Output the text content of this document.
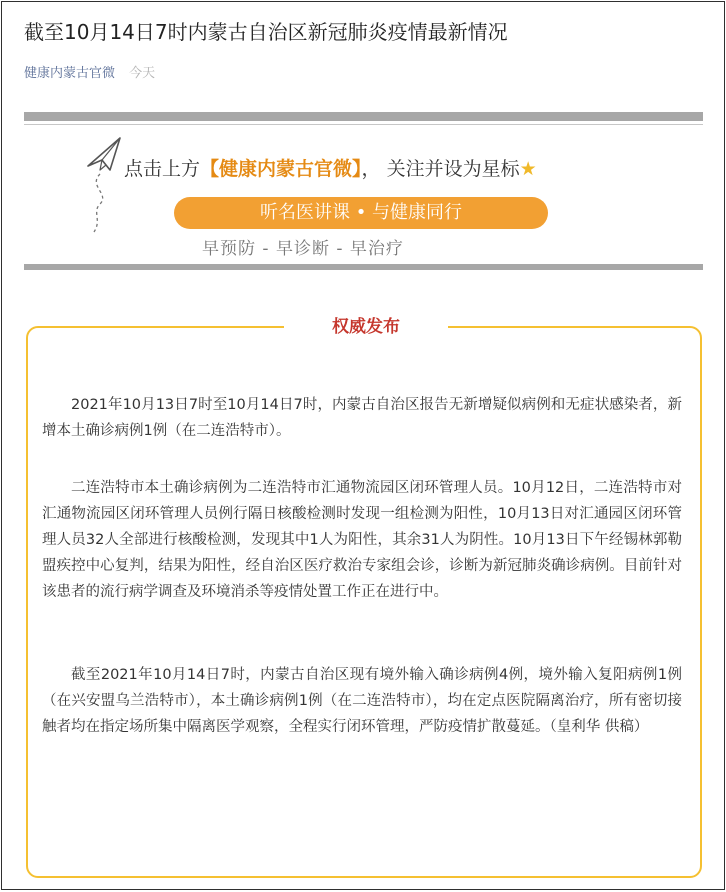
截至10月14日7时内蒙古自治区新冠肺炎疫情最新情况
健康内蒙古官微 今天
点击上方【健康内蒙古官微】， 关注并设为星标★
听名医讲课 • 与健康同行
早预防 - 早诊断 - 早治疗
权威发布

2021年10月13日7时至10月14日7时，内蒙古自治区报告无新增疑似病例和无症状感染者，新增本土确诊病例1例（在二连浩特市）。

二连浩特市本土确诊病例为二连浩特市汇通物流园区闭环管理人员。10月12日，二连浩特市对汇通物流园区闭环管理人员例行隔日核酸检测时发现一组检测为阳性，10月13日对汇通园区闭环管理人员32人全部进行核酸检测，发现其中1人为阳性，其余31人为阴性。10月13日下午经锡林郭勒盟疾控中心复判，结果为阳性，经自治区医疗救治专家组会诊，诊断为新冠肺炎确诊病例。目前针对该患者的流行病学调查及环境消杀等疫情处置工作正在进行中。

截至2021年10月14日7时，内蒙古自治区现有境外输入确诊病例4例，境外输入复阳病例1例（在兴安盟乌兰浩特市），本土确诊病例1例（在二连浩特市），均在定点医院隔离治疗，所有密切接触者均在指定场所集中隔离医学观察，全程实行闭环管理，严防疫情扩散蔓延。（皇利华 供稿）
